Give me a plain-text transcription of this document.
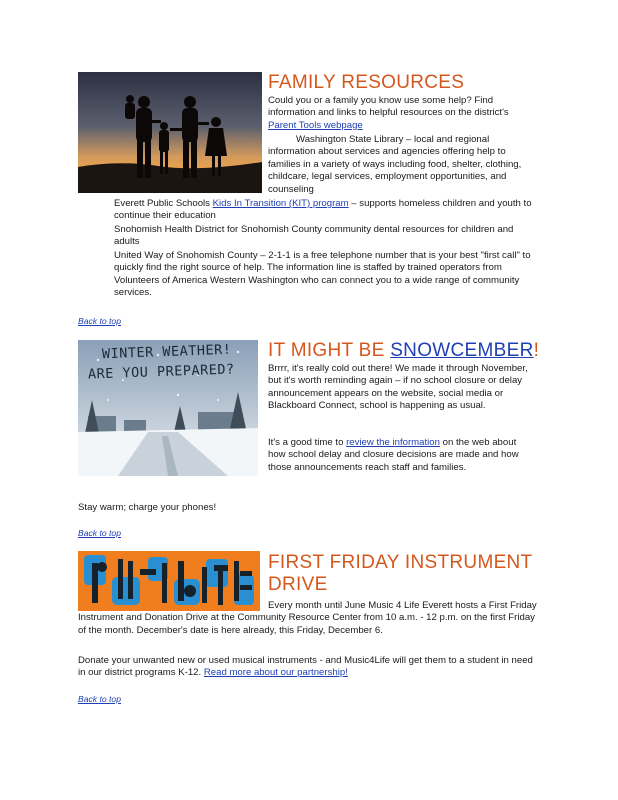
FAMILY RESOURCES
Could you or a family you know use some help? Find information and links to helpful resources on the district's Parent Tools webpage
Washington State Library – local and regional information about services and agencies offering help to families in a variety of ways including food, shelter, clothing, childcare, legal services, employment opportunities, and counseling
Everett Public Schools Kids In Transition (KIT) program – supports homeless children and youth to continue their education
Snohomish Health District for Snohomish County community dental resources for children and adults
United Way of Snohomish County – 2-1-1 is a free telephone number that is your best "first call" to quickly find the right source of help. The information line is staffed by trained operators from Volunteers of America Western Washington who can connect you to a wide range of community services.
Back to top
WINTER WEATHER!
ARE YOU PREPARED?
IT MIGHT BE SNOWCEMBER!
Brrrr, it's really cold out there! We made it through November, but it's worth reminding again – if no school closure or delay announcement appears on the website, social media or Blackboard Connect, school is happening as usual.
It's a good time to review the information on the web about how school delay and closure decisions are made and how those announcements reach staff and families.
Stay warm; charge your phones!
Back to top
FIRST FRIDAY INSTRUMENT
DRIVE
Every month until June Music 4 Life Everett hosts a First Friday Instrument and Donation Drive at the Community Resource Center from 10 a.m. - 12 p.m. on the first Friday of the month. December's date is here already, this Friday, December 6.
Donate your unwanted new or used musical instruments - and Music4Life will get them to a student in need in our district programs K-12. Read more about our partnership!
Back to top
